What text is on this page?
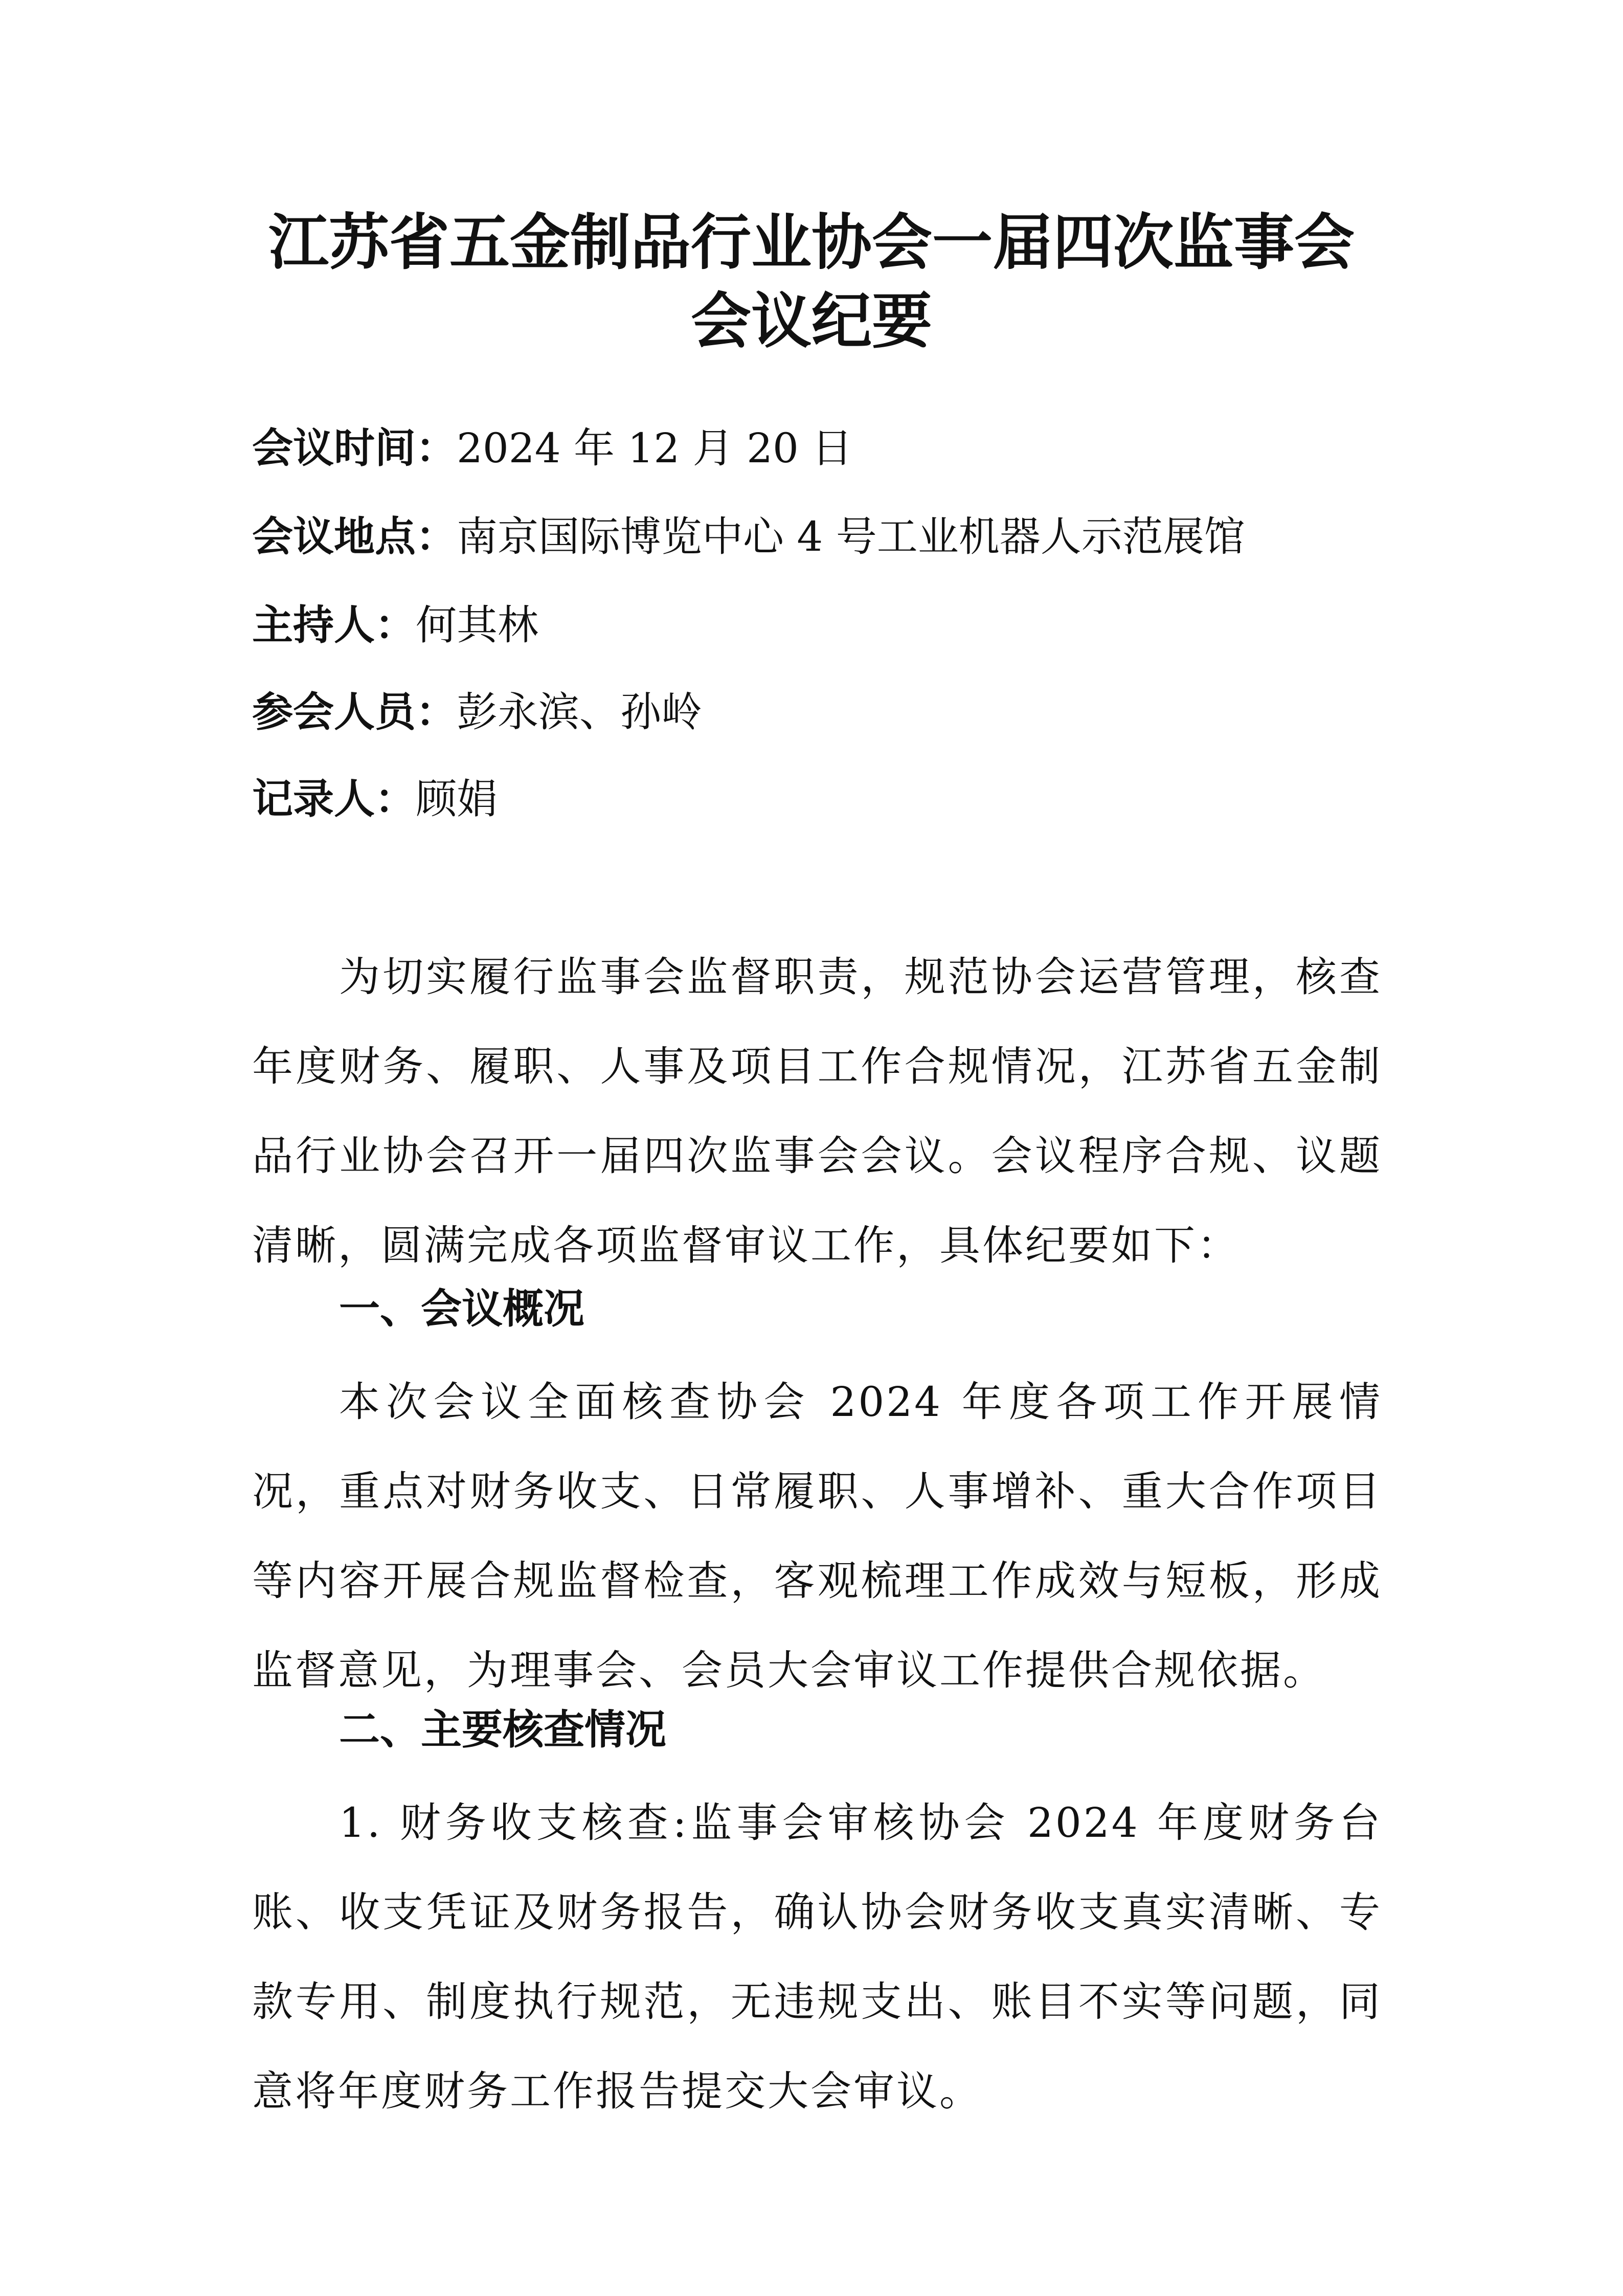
江苏省五金制品行业协会一届四次监事会
会议纪要
会议时间：2024 年 12 月 20 日
会议地点：南京国际博览中心 4 号工业机器人示范展馆
主持人：何其林
参会人员：彭永滨、孙岭
记录人：顾娟

为切实履行监事会监督职责，规范协会运营管理，核查年度财务、履职、人事及项目工作合规情况，江苏省五金制品行业协会召开一届四次监事会会议。会议程序合规、议题清晰，圆满完成各项监督审议工作，具体纪要如下：

一、会议概况

本次会议全面核查协会 2024 年度各项工作开展情况，重点对财务收支、日常履职、人事增补、重大合作项目等内容开展合规监督检查，客观梳理工作成效与短板，形成监督意见，为理事会、会员大会审议工作提供合规依据。

二、主要核查情况

1. 财务收支核查:监事会审核协会 2024 年度财务台账、收支凭证及财务报告，确认协会财务收支真实清晰、专款专用、制度执行规范，无违规支出、账目不实等问题，同意将年度财务工作报告提交大会审议。
